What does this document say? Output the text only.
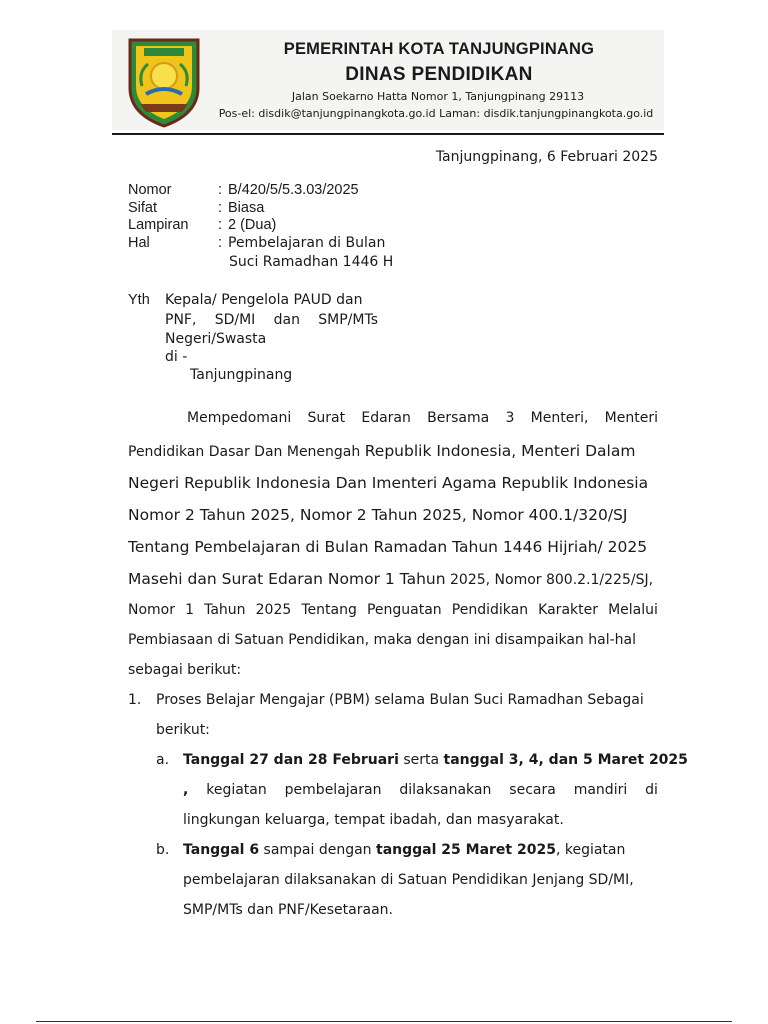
PEMERINTAH KOTA TANJUNGPINANG
DINAS PENDIDIKAN
Jalan Soekarno Hatta Nomor 1, Tanjungpinang 29113
Pos-el: disdik@tanjungpinangkota.go.id Laman: disdik.tanjungpinangkota.go.id
Tanjungpinang, 6 Februari 2025
Nomor	: B/420/5/5.3.03/2025
Sifat	: Biasa
Lampiran : 2 (Dua)
Hal	: Pembelajaran di Bulan
Suci Ramadhan 1446 H
Yth Kepala/ Pengelola PAUD dan
PNF, SD/MI dan SMP/MTs
Negeri/Swasta
di -
Tanjungpinang
Mempedomani Surat Edaran Bersama 3 Menteri, Menteri
Pendidikan Dasar Dan Menengah Republik Indonesia, Menteri Dalam
Negeri Republik Indonesia Dan Imenteri Agama Republik Indonesia
Nomor 2 Tahun 2025, Nomor 2 Tahun 2025, Nomor 400.1/320/SJ
Tentang Pembelajaran di Bulan Ramadan Tahun 1446 Hijriah/ 2025
Masehi dan Surat Edaran Nomor 1 Tahun 2025, Nomor 800.2.1/225/SJ,
Nomor 1 Tahun 2025 Tentang Penguatan Pendidikan Karakter Melalui
Pembiasaan di Satuan Pendidikan, maka dengan ini disampaikan hal-hal
sebagai berikut:
1. Proses Belajar Mengajar (PBM) selama Bulan Suci Ramadhan Sebagai
berikut:
a. Tanggal 27 dan 28 Februari serta tanggal 3, 4, dan 5 Maret 2025
, kegiatan pembelajaran dilaksanakan secara mandiri di
lingkungan keluarga, tempat ibadah, dan masyarakat.
b. Tanggal 6 sampai dengan tanggal 25 Maret 2025, kegiatan
pembelajaran dilaksanakan di Satuan Pendidikan Jenjang SD/MI,
SMP/MTs dan PNF/Kesetaraan.
